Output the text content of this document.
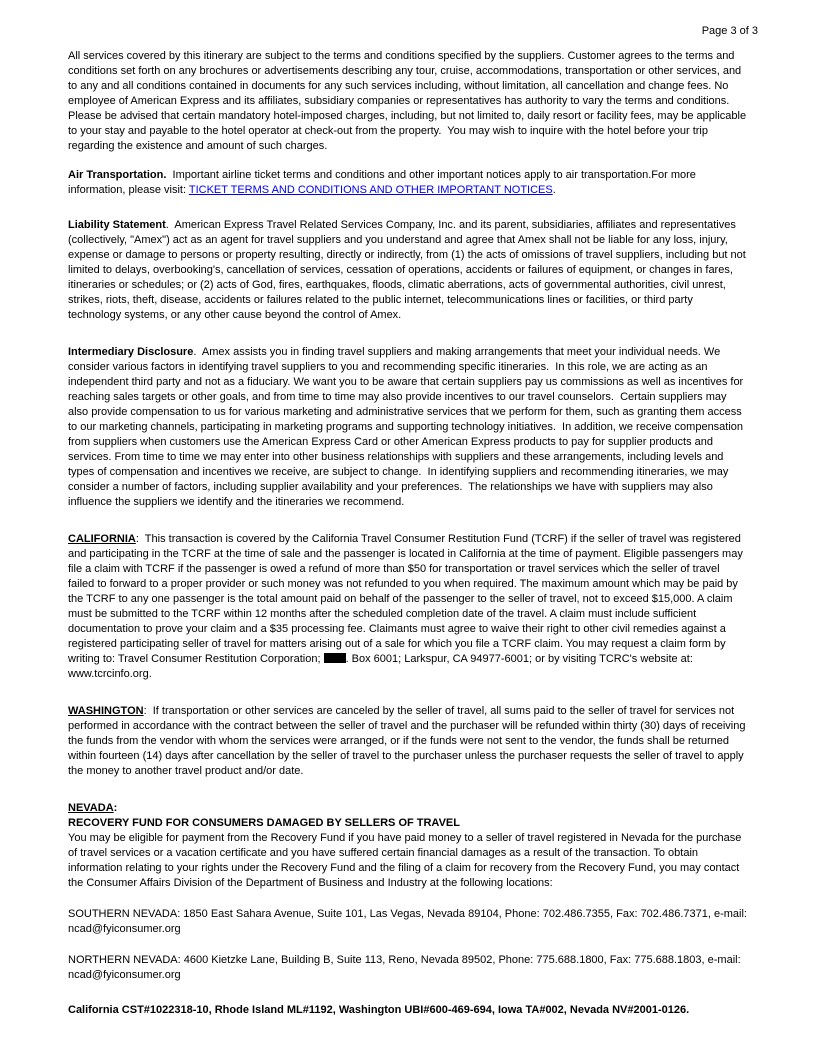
Page 3 of 3

All services covered by this itinerary are subject to the terms and conditions specified by the suppliers. Customer agrees to the terms and conditions set forth on any brochures or advertisements describing any tour, cruise, accommodations, transportation or other services, and to any and all conditions contained in documents for any such services including, without limitation, all cancellation and change fees. No employee of American Express and its affiliates, subsidiary companies or representatives has authority to vary the terms and conditions. Please be advised that certain mandatory hotel-imposed charges, including, but not limited to, daily resort or facility fees, may be applicable to your stay and payable to the hotel operator at check-out from the property.  You may wish to inquire with the hotel before your trip regarding the existence and amount of such charges.

Air Transportation.  Important airline ticket terms and conditions and other important notices apply to air transportation.For more information, please visit: TICKET TERMS AND CONDITIONS AND OTHER IMPORTANT NOTICES.

Liability Statement.  American Express Travel Related Services Company, Inc. and its parent, subsidiaries, affiliates and representatives (collectively, "Amex") act as an agent for travel suppliers and you understand and agree that Amex shall not be liable for any loss, injury, expense or damage to persons or property resulting, directly or indirectly, from (1) the acts of omissions of travel suppliers, including but not limited to delays, overbooking's, cancellation of services, cessation of operations, accidents or failures of equipment, or changes in fares, itineraries or schedules; or (2) acts of God, fires, earthquakes, floods, climatic aberrations, acts of governmental authorities, civil unrest, strikes, riots, theft, disease, accidents or failures related to the public internet, telecommunications lines or facilities, or third party technology systems, or any other cause beyond the control of Amex.

Intermediary Disclosure.  Amex assists you in finding travel suppliers and making arrangements that meet your individual needs. We consider various factors in identifying travel suppliers to you and recommending specific itineraries.  In this role, we are acting as an independent third party and not as a fiduciary. We want you to be aware that certain suppliers pay us commissions as well as incentives for reaching sales targets or other goals, and from time to time may also provide incentives to our travel counselors.  Certain suppliers may also provide compensation to us for various marketing and administrative services that we perform for them, such as granting them access to our marketing channels, participating in marketing programs and supporting technology initiatives.  In addition, we receive compensation from suppliers when customers use the American Express Card or other American Express products to pay for supplier products and services. From time to time we may enter into other business relationships with suppliers and these arrangements, including levels and types of compensation and incentives we receive, are subject to change.  In identifying suppliers and recommending itineraries, we may consider a number of factors, including supplier availability and your preferences.  The relationships we have with suppliers may also influence the suppliers we identify and the itineraries we recommend.

CALIFORNIA:  This transaction is covered by the California Travel Consumer Restitution Fund (TCRF) if the seller of travel was registered and participating in the TCRF at the time of sale and the passenger is located in California at the time of payment. Eligible passengers may file a claim with TCRF if the passenger is owed a refund of more than $50 for transportation or travel services which the seller of travel failed to forward to a proper provider or such money was not refunded to you when required. The maximum amount which may be paid by the TCRF to any one passenger is the total amount paid on behalf of the passenger to the seller of travel, not to exceed $15,000. A claim must be submitted to the TCRF within 12 months after the scheduled completion date of the travel. A claim must include sufficient documentation to prove your claim and a $35 processing fee. Claimants must agree to waive their right to other civil remedies against a registered participating seller of travel for matters arising out of a sale for which you file a TCRF claim. You may request a claim form by writing to: Travel Consumer Restitution Corporation; . Box 6001; Larkspur, CA 94977-6001; or by visiting TCRC's website at: www.tcrcinfo.org.

WASHINGTON:  If transportation or other services are canceled by the seller of travel, all sums paid to the seller of travel for services not performed in accordance with the contract between the seller of travel and the purchaser will be refunded within thirty (30) days of receiving the funds from the vendor with whom the services were arranged, or if the funds were not sent to the vendor, the funds shall be returned within fourteen (14) days after cancellation by the seller of travel to the purchaser unless the purchaser requests the seller of travel to apply the money to another travel product and/or date.

NEVADA:
RECOVERY FUND FOR CONSUMERS DAMAGED BY SELLERS OF TRAVEL
You may be eligible for payment from the Recovery Fund if you have paid money to a seller of travel registered in Nevada for the purchase of travel services or a vacation certificate and you have suffered certain financial damages as a result of the transaction. To obtain information relating to your rights under the Recovery Fund and the filing of a claim for recovery from the Recovery Fund, you may contact the Consumer Affairs Division of the Department of Business and Industry at the following locations:

SOUTHERN NEVADA: 1850 East Sahara Avenue, Suite 101, Las Vegas, Nevada 89104, Phone: 702.486.7355, Fax: 702.486.7371, e-mail: ncad@fyiconsumer.org

NORTHERN NEVADA: 4600 Kietzke Lane, Building B, Suite 113, Reno, Nevada 89502, Phone: 775.688.1800, Fax: 775.688.1803, e-mail: ncad@fyiconsumer.org

California CST#1022318-10, Rhode Island ML#1192, Washington UBI#600-469-694, Iowa TA#002, Nevada NV#2001-0126.
